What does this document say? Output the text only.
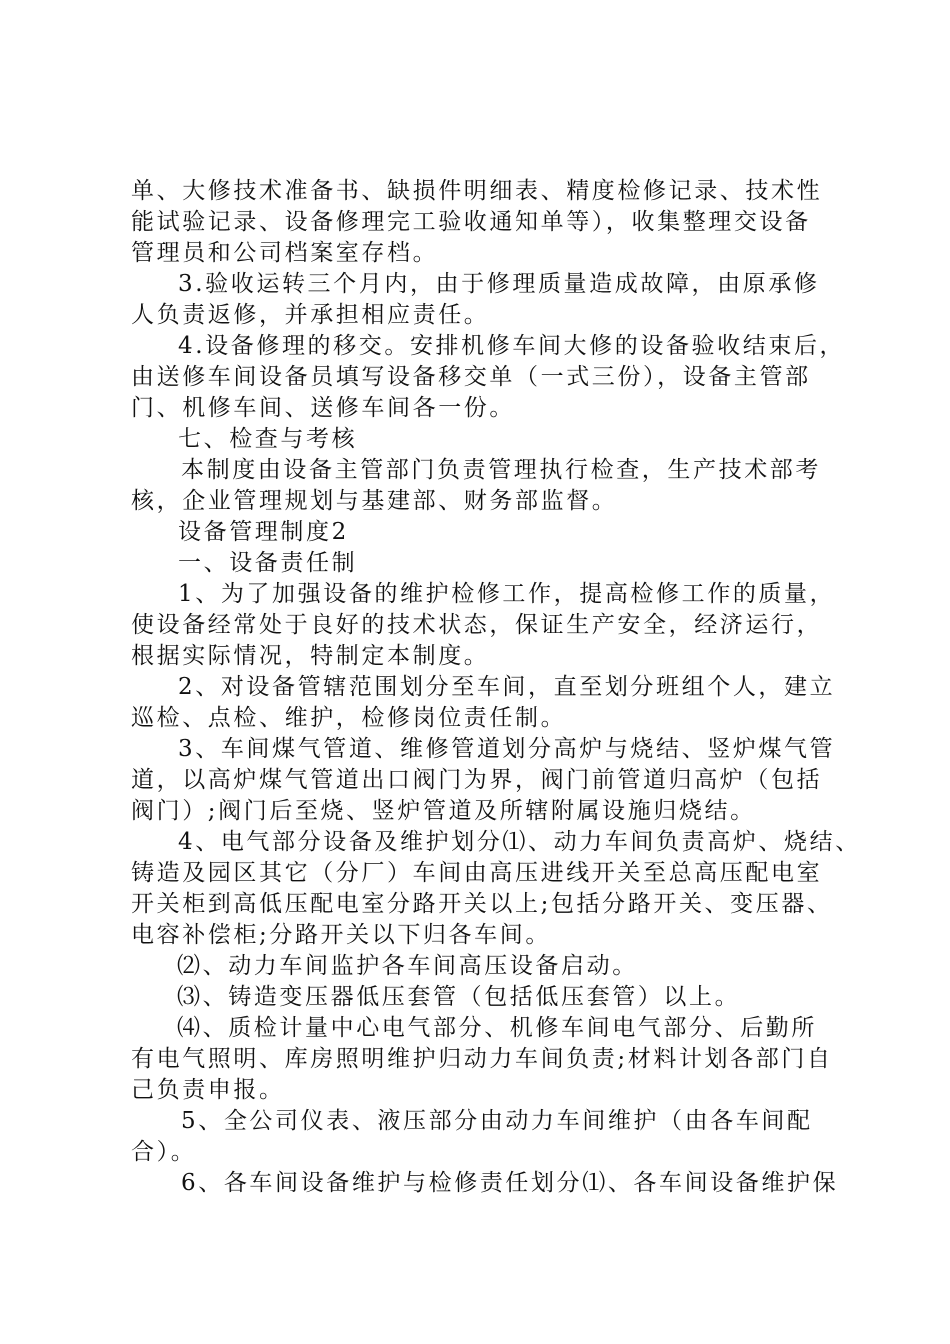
单、大修技术准备书、缺损件明细表、精度检修记录、技术性
能试验记录、设备修理完工验收通知单等），收集整理交设备
管理员和公司档案室存档。

3.验收运转三个月内，由于修理质量造成故障，由原承修
人负责返修，并承担相应责任。

4.设备修理的移交。安排机修车间大修的设备验收结束后，
由送修车间设备员填写设备移交单（一式三份），设备主管部
门、机修车间、送修车间各一份。

七、检查与考核

本制度由设备主管部门负责管理执行检查，生产技术部考
核，企业管理规划与基建部、财务部监督。

设备管理制度2

一、设备责任制

1、为了加强设备的维护检修工作，提高检修工作的质量，
使设备经常处于良好的技术状态，保证生产安全，经济运行，
根据实际情况，特制定本制度。

2、对设备管辖范围划分至车间，直至划分班组个人，建立
巡检、点检、维护，检修岗位责任制。

3、车间煤气管道、维修管道划分高炉与烧结、竖炉煤气管
道，以高炉煤气管道出口阀门为界，阀门前管道归高炉（包括
阀门）;阀门后至烧、竖炉管道及所辖附属设施归烧结。

4、电气部分设备及维护划分⑴、动力车间负责高炉、烧结、
铸造及园区其它（分厂）车间由高压进线开关至总高压配电室
开关柜到高低压配电室分路开关以上;包括分路开关、变压器、
电容补偿柜;分路开关以下归各车间。

⑵、动力车间监护各车间高压设备启动。

⑶、铸造变压器低压套管（包括低压套管）以上。

⑷、质检计量中心电气部分、机修车间电气部分、后勤所
有电气照明、库房照明维护归动力车间负责;材料计划各部门自
己负责申报。

5、全公司仪表、液压部分由动力车间维护（由各车间配
合）。

6、各车间设备维护与检修责任划分⑴、各车间设备维护保
